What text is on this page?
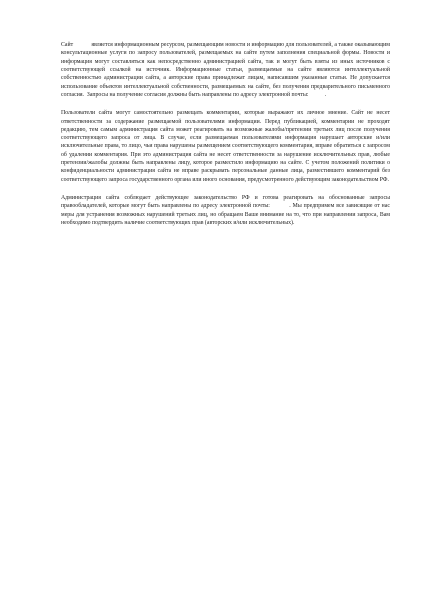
Сайт            является информационным ресурсом, размещающим новости и информацию для пользователей, а также оказывающим консультационные услуги по запросу пользователей, размещаемых на сайте путем заполнения специальной формы. Новости и информация могут составляться как непосредственно администрацией сайта, так и могут быть взяты из иных источников с соответствующей ссылкой на источник. Информационные статьи, размещаемые на сайте являются интеллектуальной собственностью администрации сайта, а авторские права принадлежат лицам, написавшим указанные статьи. Не допускается использование объектов интеллектуальной собственности, размещаемых на сайте, без получения предварительного письменного согласия.  Запросы на получение согласия должны быть направлены по адресу электронной почты:           .

Пользователи сайта могут самостоятельно размещать комментарии, которые выражают их личное мнение. Сайт не несет ответственности за содержание размещаемой пользователями информации. Перед публикацией, комментарии не проходят редакцию, тем самым администрация сайта может реагировать на возможные жалобы/претензии третьих лиц после получения соответствующего запроса от лица. В случае, если размещаемая пользователями информация нарушает авторские и/или исключительные права, то лицо, чьи права нарушены размещением соответствующего комментария, вправе обратиться с запросом об удалении комментария. При это администрация сайта не несет ответственности за нарушение исключительных прав, любые претензии/жалобы должны быть направлены лицу, которое разместило информацию на сайте. С учетом положений политики о конфиденциальности администрация сайта не вправе раскрывать персональные данные лица, разместившего комментарий без соответствующего запроса государственного органа или иного основания, предусмотренного действующим законодательством РФ.

Администрация сайта соблюдает действующее законодательство РФ и готова реагировать на обоснованные запросы правообладателей, которые могут быть направлены по адресу электронной почты:          . Мы предпримем все зависящие от нас меры для устранения возможных нарушений третьих лиц, но обращаем Ваше внимание на то, что при направлении запроса, Вам необходимо подтвердить наличие соответствующих прав (авторских и/или исключительных).
